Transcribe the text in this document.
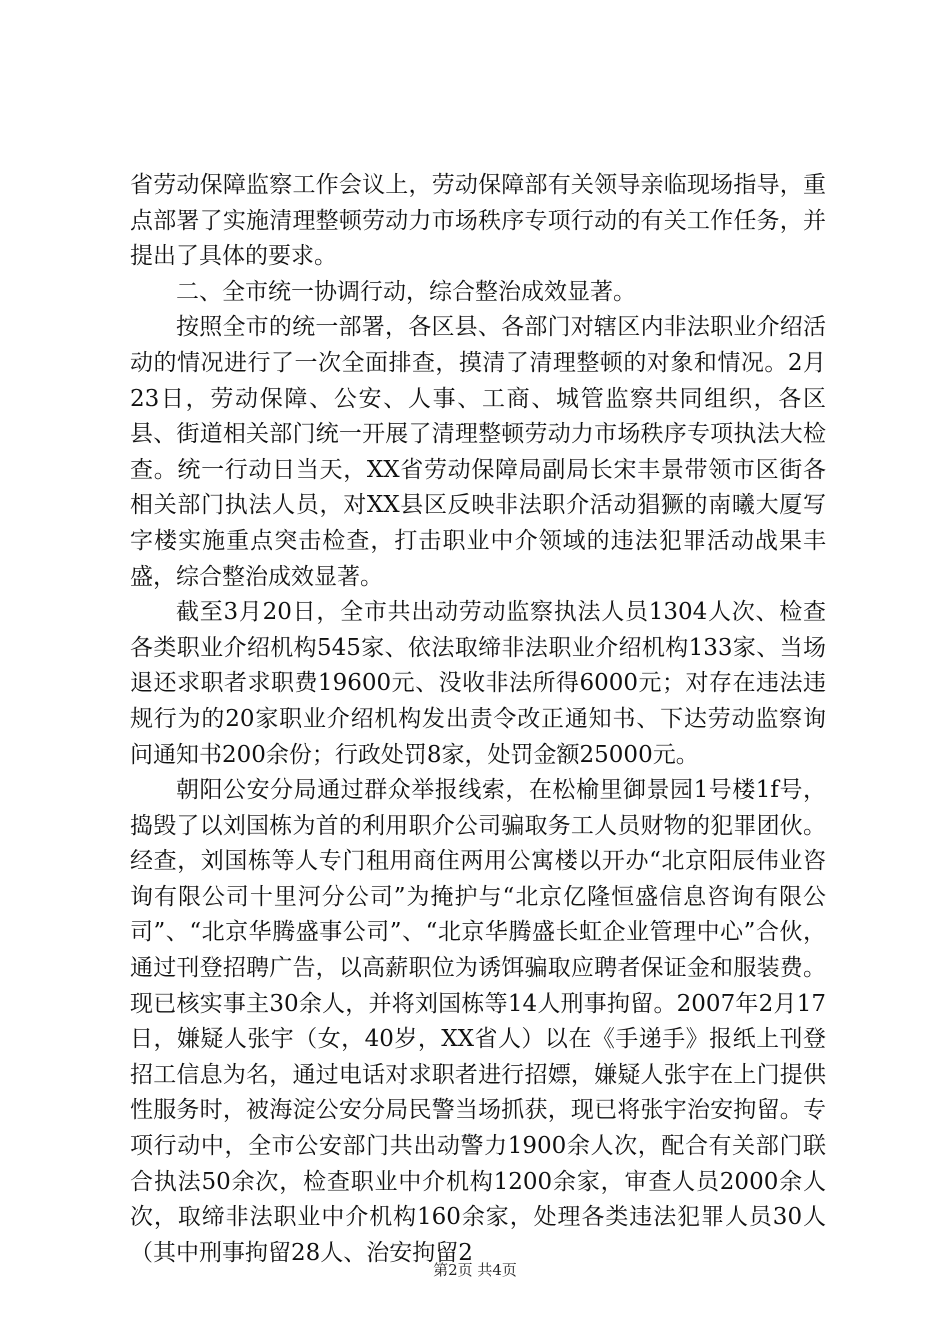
省劳动保障监察工作会议上，劳动保障部有关领导亲临现场指导，重点部署了实施清理整顿劳动力市场秩序专项行动的有关工作任务，并提出了具体的要求。

二、全市统一协调行动，综合整治成效显著。

按照全市的统一部署，各区县、各部门对辖区内非法职业介绍活动的情况进行了一次全面排查，摸清了清理整顿的对象和情况。2月23日，劳动保障、公安、人事、工商、城管监察共同组织，各区县、街道相关部门统一开展了清理整顿劳动力市场秩序专项执法大检查。统一行动日当天，XX省劳动保障局副局长宋丰景带领市区街各相关部门执法人员，对XX县区反映非法职介活动猖獗的南曦大厦写字楼实施重点突击检查，打击职业中介领域的违法犯罪活动战果丰盛，综合整治成效显著。

截至3月20日，全市共出动劳动监察执法人员1304人次、检查各类职业介绍机构545家、依法取缔非法职业介绍机构133家、当场退还求职者求职费19600元、没收非法所得6000元；对存在违法违规行为的20家职业介绍机构发出责令改正通知书、下达劳动监察询问通知书200余份；行政处罚8家，处罚金额25000元。

朝阳公安分局通过群众举报线索，在松榆里御景园1号楼1f号，捣毁了以刘国栋为首的利用职介公司骗取务工人员财物的犯罪团伙。经查，刘国栋等人专门租用商住两用公寓楼以开办“北京阳辰伟业咨询有限公司十里河分公司”为掩护与“北京亿隆恒盛信息咨询有限公司”、“北京华腾盛事公司”、“北京华腾盛长虹企业管理中心”合伙，通过刊登招聘广告，以高薪职位为诱饵骗取应聘者保证金和服装费。现已核实事主30余人，并将刘国栋等14人刑事拘留。2007年2月17日，嫌疑人张宇（女，40岁，XX省人）以在《手递手》报纸上刊登招工信息为名，通过电话对求职者进行招嫖，嫌疑人张宇在上门提供性服务时，被海淀公安分局民警当场抓获，现已将张宇治安拘留。专项行动中，全市公安部门共出动警力1900余人次，配合有关部门联合执法50余次，检查职业中介机构1200余家，审查人员2000余人次，取缔非法职业中介机构160余家，处理各类违法犯罪人员30人（其中刑事拘留28人、治安拘留2

第2页 共4页
